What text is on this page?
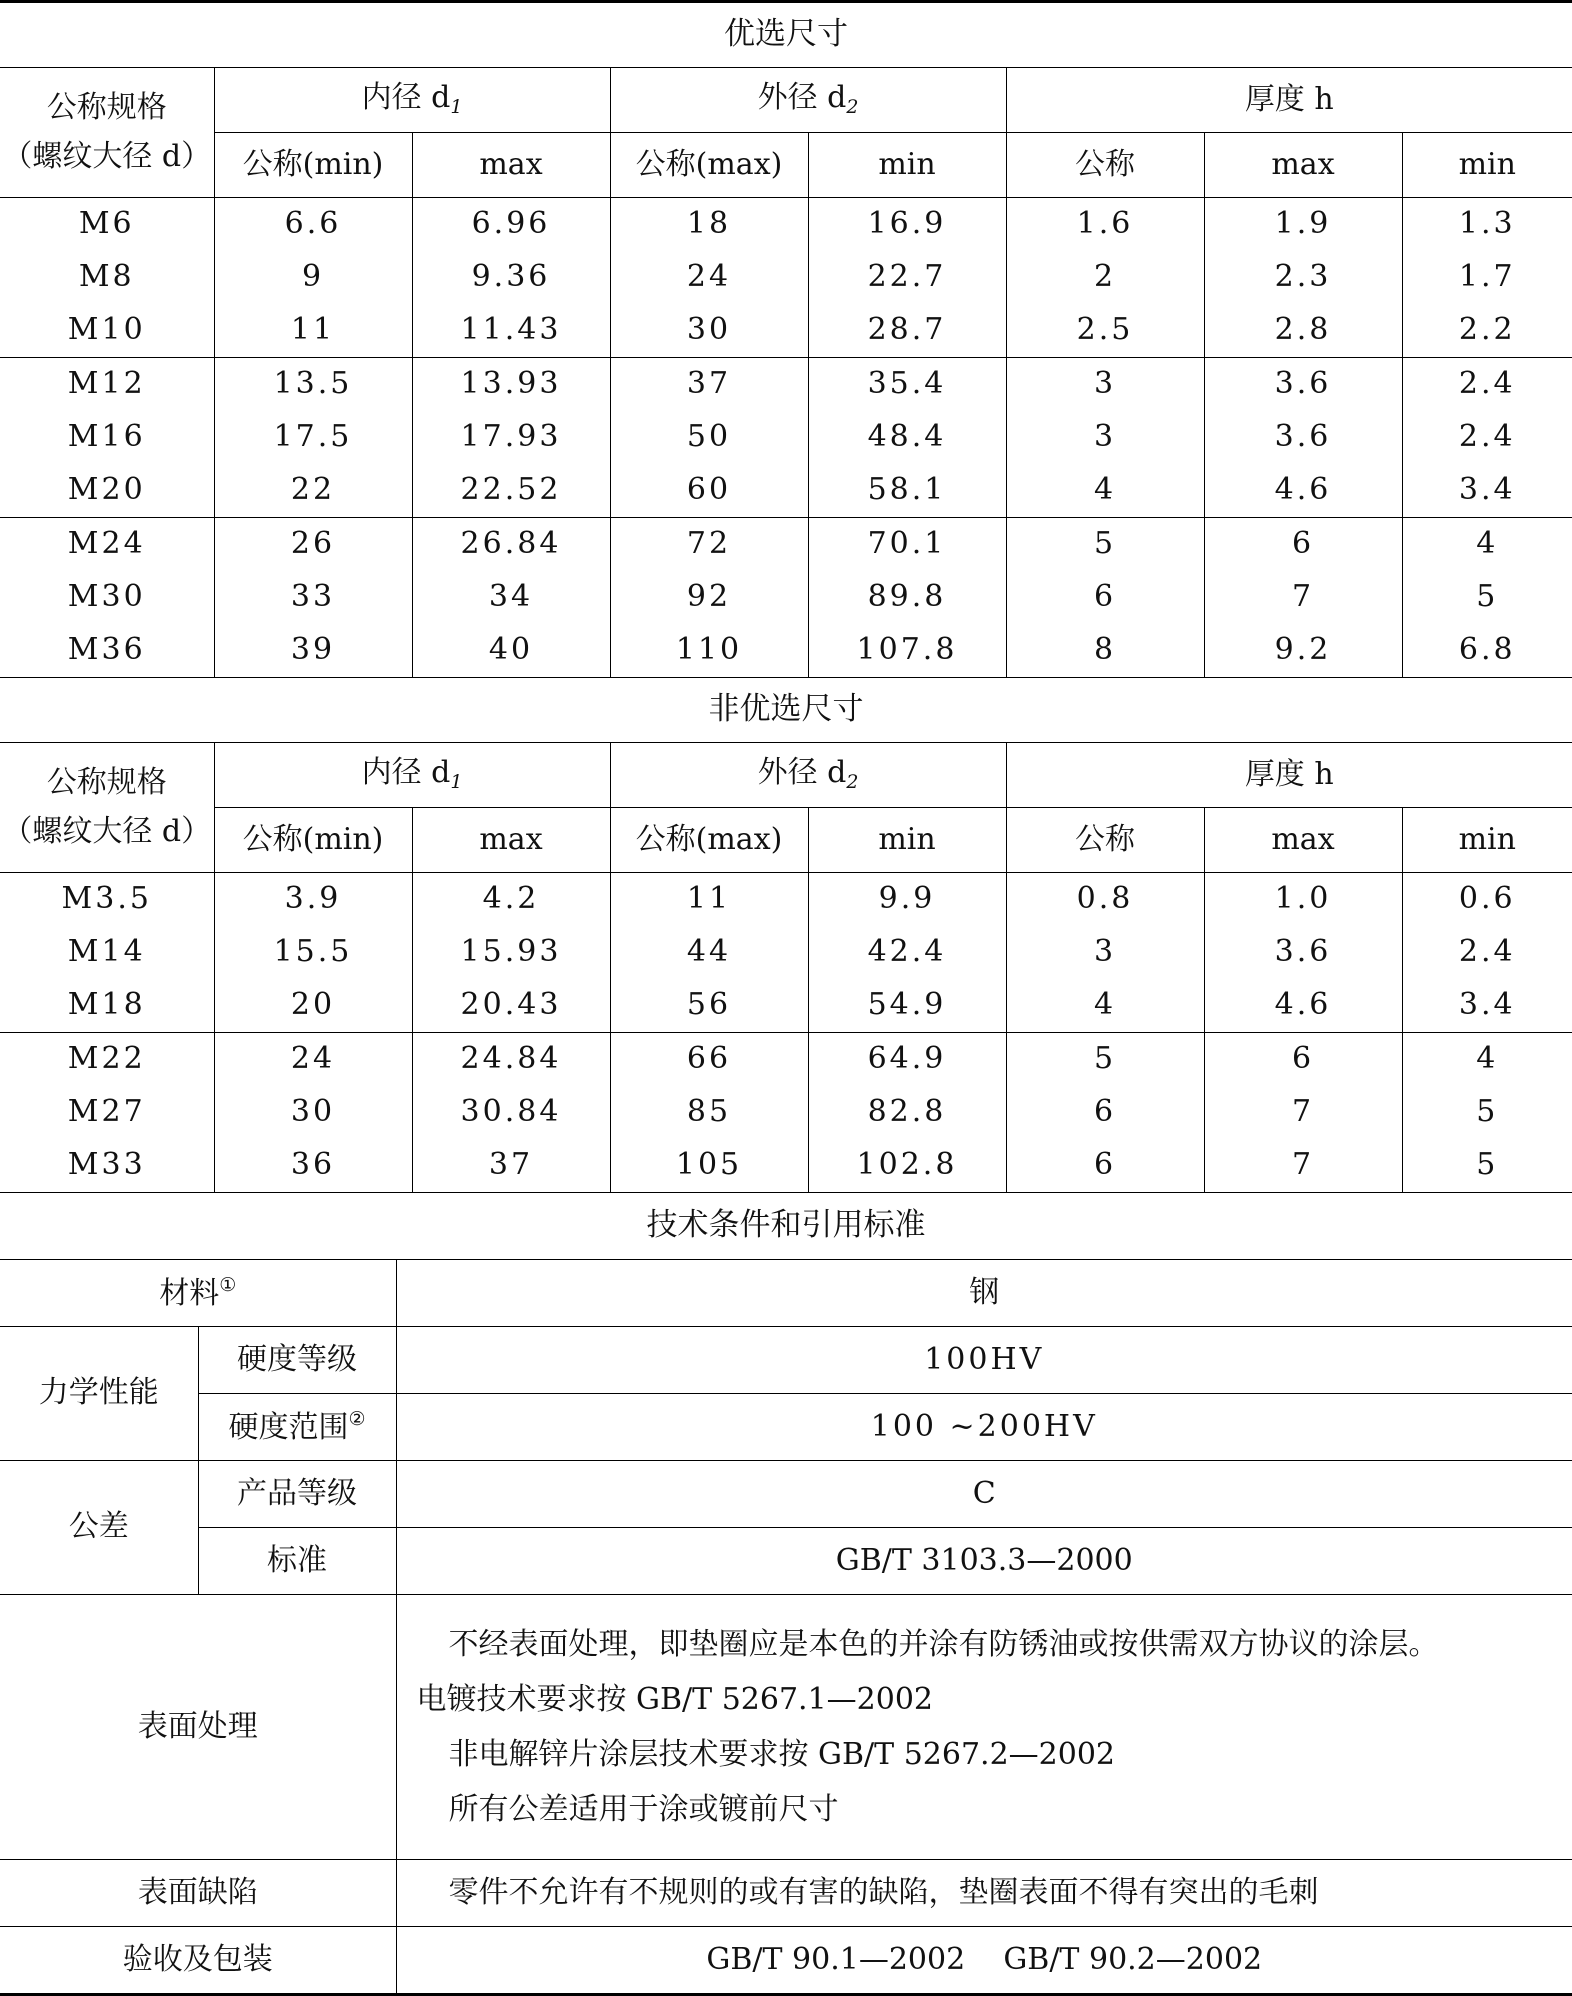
优选尺寸							

公称规格
（螺纹大径 d）	内径 $d_1$		外径 $d_2$		厚度 h		
	公称(min)	max	公称(max)	min	公称	max	min
M6	6.6	6.96	18	16.9	1.6	1.9	1.3
M8	9	9.36	24	22.7	2	2.3	1.7
M10	11	11.43	30	28.7	2.5	2.8	2.2
M12	13.5	13.93	37	35.4	3	3.6	2.4
M16	17.5	17.93	50	48.4	3	3.6	2.4
M20	22	22.52	60	58.1	4	4.6	3.4
M24	26	26.84	72	70.1	5	6	4
M30	33	34	92	89.8	6	7	5
M36	39	40	110	107.8	8	9.2	6.8
非优选尺寸							

公称规格
（螺纹大径 d）	内径 $d_1$		外径 $d_2$		厚度 h		
	公称(min)	max	公称(max)	min	公称	max	min
M3.5	3.9	4.2	11	9.9	0.8	1.0	0.6
M14	15.5	15.93	44	42.4	3	3.6	2.4
M18	20	20.43	56	54.9	4	4.6	3.4
M22	24	24.84	66	64.9	5	6	4
M27	30	30.84	85	82.8	6	7	5
M33	36	37	105	102.8	6	7	5
技术条件和引用标准		
材料①		钢
力学性能	硬度等级	100HV
	硬度范围②	100 ~200HV
公差	产品等级	C
	标准	GB/T 3103.3—2000
表面处理		不经表面处理，即垫圈应是本色的并涂有防锈油或按供需双方协议的涂层。
电镀技术要求按 GB/T 5267.1—2002
非电解锌片涂层技术要求按 GB/T 5267.2—2002
所有公差适用于涂或镀前尺寸

表面缺陷		零件不允许有不规则的或有害的缺陷，垫圈表面不得有突出的毛刺
验收及包装		GB/T 90.1—2002    GB/T 90.2—2002
